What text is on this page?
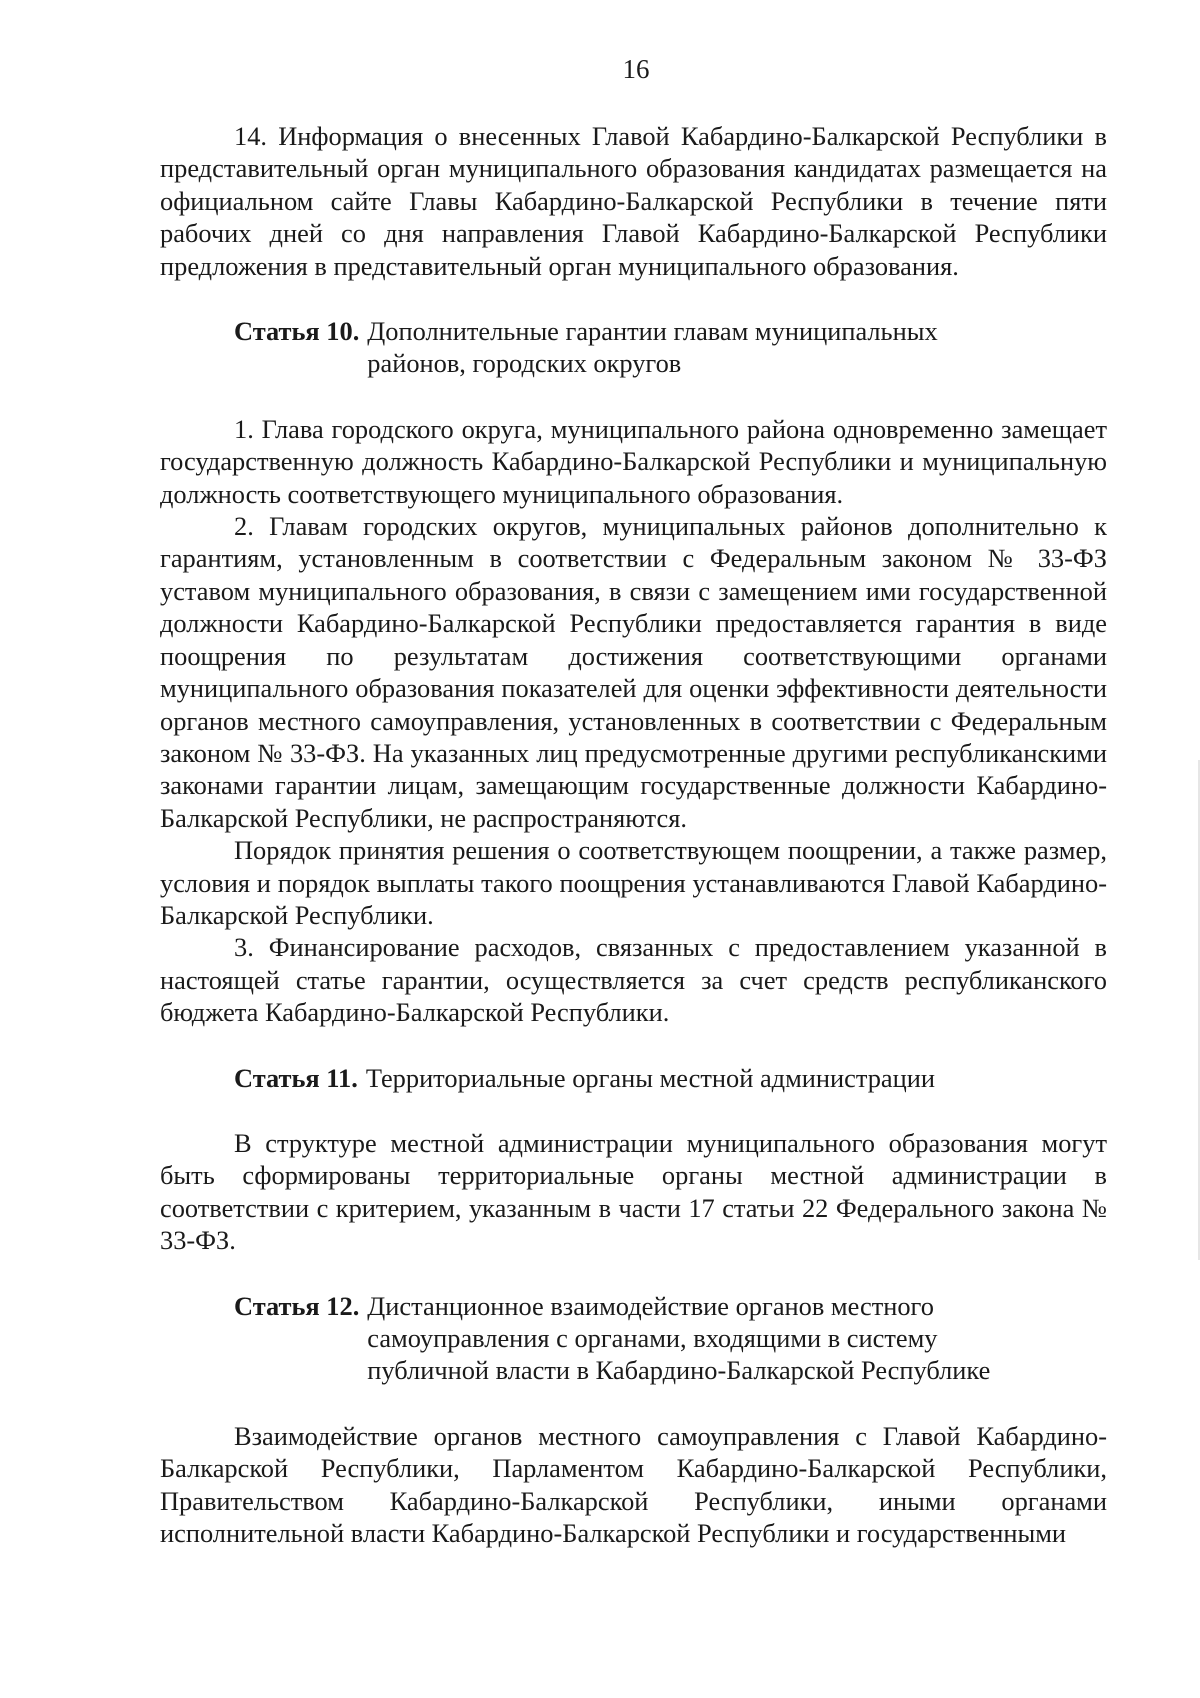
16

14. Информация о внесенных Главой Кабардино-Балкарской Республики в представительный орган муниципального образования кандидатах размещается на официальном сайте Главы Кабардино-Балкарской Республики в течение пяти рабочих дней со дня направления Главой Кабардино-Балкарской Республики предложения в представительный орган муниципального образования.

Статья 10. Дополнительные гарантии главам муниципальных районов, городских округов

1. Глава городского округа, муниципального района одновременно замещает государственную должность Кабардино-Балкарской Республики и муниципальную должность соответствующего муниципального образования.

2. Главам городских округов, муниципальных районов дополнительно к гарантиям, установленным в соответствии с Федеральным законом № 33-ФЗ уставом муниципального образования, в связи с замещением ими государственной должности Кабардино-Балкарской Республики предоставляется гарантия в виде поощрения по результатам достижения соответствующими органами муниципального образования показателей для оценки эффективности деятельности органов местного самоуправления, установленных в соответствии с Федеральным законом № 33-ФЗ. На указанных лиц предусмотренные другими республиканскими законами гарантии лицам, замещающим государственные должности Кабардино-Балкарской Республики, не распространяются.

Порядок принятия решения о соответствующем поощрении, а также размер, условия и порядок выплаты такого поощрения устанавливаются Главой Кабардино-Балкарской Республики.

3. Финансирование расходов, связанных с предоставлением указанной в настоящей статье гарантии, осуществляется за счет средств республиканского бюджета Кабардино-Балкарской Республики.

Статья 11. Территориальные органы местной администрации

В структуре местной администрации муниципального образования могут быть сформированы территориальные органы местной администрации в соответствии с критерием, указанным в части 17 статьи 22 Федерального закона № 33-ФЗ.

Статья 12. Дистанционное взаимодействие органов местного самоуправления с органами, входящими в систему публичной власти в Кабардино-Балкарской Республике

Взаимодействие органов местного самоуправления с Главой Кабардино-Балкарской Республики, Парламентом Кабардино-Балкарской Республики, Правительством Кабардино-Балкарской Республики, иными органами исполнительной власти Кабардино-Балкарской Республики и государственными
